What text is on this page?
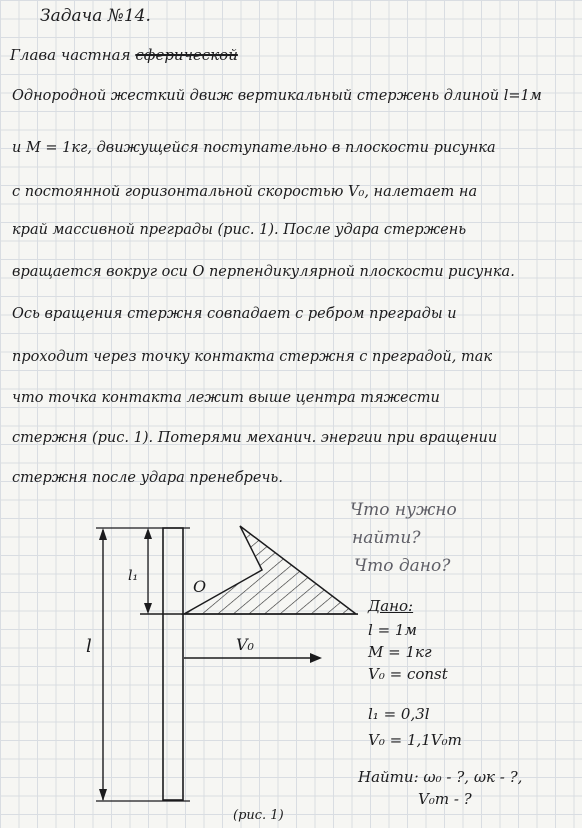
Задача №14.
Глава частная сферической
Однородной жесткий движ вертикальный стержень длиной l=1м
и M = 1кг, движущейся поступательно в плоскости рисунка
с постоянной горизонтальной скоростью V₀, налетает на
край массивной преграды (рис. 1). После удара стержень
вращается вокруг оси O перпендикулярной плоскости рисунка.
Ось вращения стержня совпадает с ребром преграды и
проходит через точку контакта стержня с преградой, так
что точка контакта лежит выше центра тяжести
стержня (рис. 1). Потерями механич. энергии при вращении
стержня после удара пренебречь.
l
l₁
O
V₀
(рис. 1)
Что нужно
найти?
Что дано?
Дано:
l = 1м
M = 1кг
V₀ = const
l₁ = 0,3l
V₀ = 1,1V₀m
Найти: ω₀ - ?, ωк - ?,
V₀m - ?
